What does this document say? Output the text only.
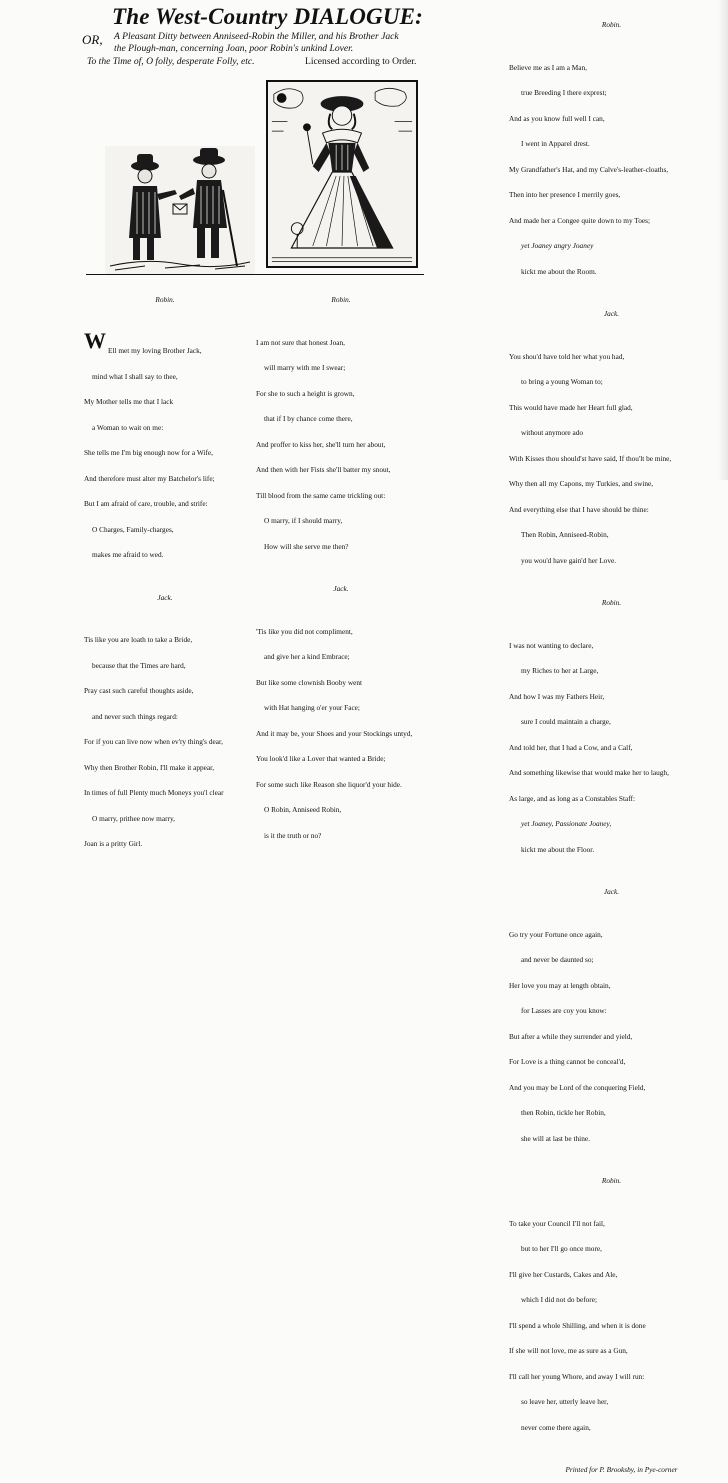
The West-Country DIALOGUE:
OR, A Pleasant Ditty between Anniseed-Robin the Miller, and his Brother Jack
the Plough-man, concerning Joan, poor Robin's unkind Lover.
To the Time of, O folly, desperate Folly, etc.	Licensed according to Order.

Robin.

W

Ell met my loving Brother Jack,

mind what I shall say to thee,

My Mother tells me that I lack

a Woman to wait on me:

She tells me I'm big enough now for a Wife,

And therefore must alter my Batchelor's life;

But I am afraid of care, trouble, and strife:

O Charges, Family-charges,

makes me afraid to wed.

Jack.

Tis like you are loath to take a Bride,

because that the Times are hard,

Pray cast such careful thoughts aside,

and never such things regard:

For if you can live now when ev'ry thing's dear,

Why then Brother Robin, I'll make it appear,

In times of full Plenty much Moneys you'l clear

O marry, prithee now marry,

Joan is a pritty Girl.

Robin.

I am not sure that honest Joan,

will marry with me I swear;

For she to such a height is grown,

that if I by chance come there,

And proffer to kiss her, she'll turn her about,

And then with her Fists she'll batter my snout,

Till blood from the same came trickling out:

O marry, if I should marry,

How will she serve me then?

Jack.

'Tis like you did not compliment,

and give her a kind Embrace;

But like some clownish Booby went

with Hat hanging o'er your Face;

And it may be, your Shoes and your Stockings untyd,

You look'd like a Lover that wanted a Bride;

For some such like Reason she liquor'd your hide.

O Robin, Anniseed Robin,

is it the truth or no?

Robin.

Believe me as I am a Man,

true Breeding I there exprest;

And as you know full well I can,

I went in Apparel drest.

My Grandfather's Hat, and my Calve's-leather-cloaths,

Then into her presence I merrily goes,

And made her a Congee quite down to my Toes;

yet Joaney angry Joaney

kickt me about the Room.

Jack.

You shou'd have told her what you had,

to bring a young Woman to;

This would have made her Heart full glad,

without anymore ado

With Kisses thou should'st have said, If thou'lt be mine,

Why then all my Capons, my Turkies, and swine,

And everything else that I have should be thine:

Then Robin, Anniseed-Robin,

you wou'd have gain'd her Love.

Robin.

I was not wanting to declare,

my Riches to her at Large,

And how I was my Fathers Heir,

sure I could maintain a charge,

And told her, that I had a Cow, and a Calf,

And something likewise that would make her to laugh,

As large, and as long as a Constables Staff:

yet Joaney, Passionate Joaney,

kickt me about the Floor.

Jack.

Go try your Fortune once again,

and never be daunted so;

Her love you may at length obtain,

for Lasses are coy you know:

But after a while they surrender and yield,

For Love is a thing cannot be conceal'd,

And you may be Lord of the conquering Field,

then Robin, tickle her Robin,

she will at last be thine.

Robin.

To take your Council I'll not fail,

but to her I'll go once more,

I'll give her Custards, Cakes and Ale,

which I did not do before;

I'll spend a whole Shilling, and when it is done

If she will not love, me as sure as a Gun,

I'll call her young Whore, and away I will run:

so leave her, utterly leave her,

never come there again,

Printed for P. Brooksby, in Pye-corner
